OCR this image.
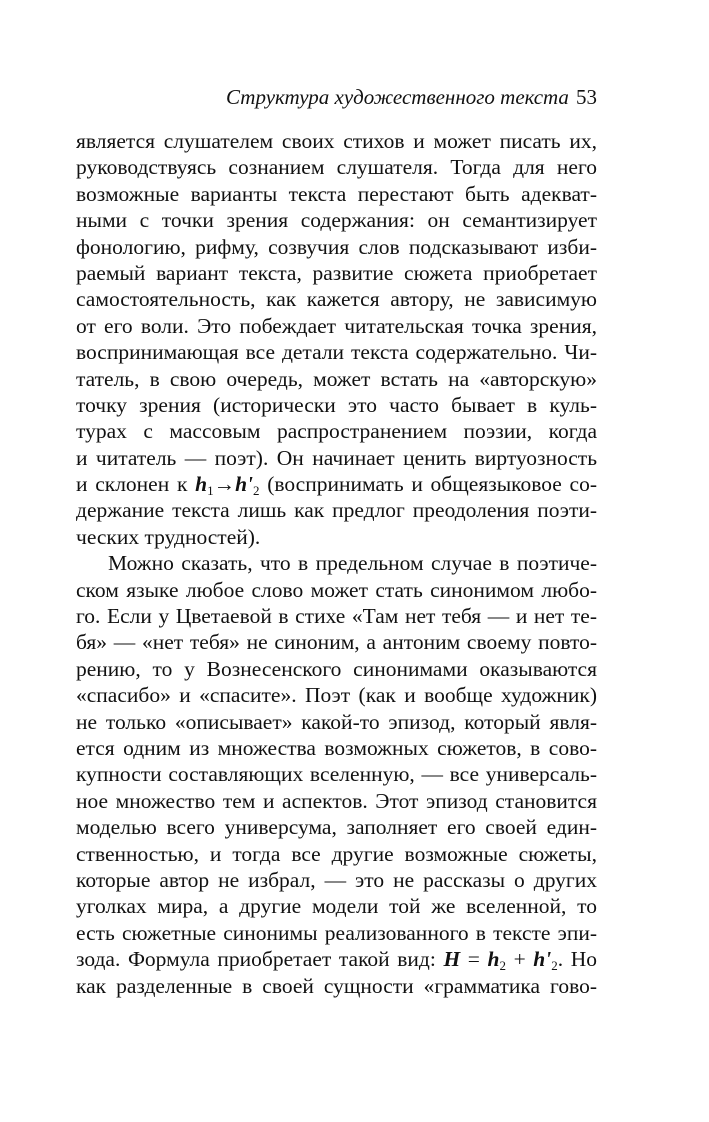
Структура художественного текста 53
является слушателем своих стихов и может писать их,
руководствуясь сознанием слушателя. Тогда для него
возможные варианты текста перестают быть адекват-
ными с точки зрения содержания: он семантизирует
фонологию, рифму, созвучия слов подсказывают изби-
раемый вариант текста, развитие сюжета приобретает
самостоятельность, как кажется автору, не зависимую
от его воли. Это побеждает читательская точка зрения,
воспринимающая все детали текста содержательно. Чи-
татель, в свою очередь, может встать на «авторскую»
точку зрения (исторически это часто бывает в куль-
турах с массовым распространением поэзии, когда
и читатель — поэт). Он начинает ценить виртуозность
и склонен к $h_1\to h'_2$ (воспринимать и общеязыковое со-
держание текста лишь как предлог преодоления поэти-
ческих трудностей).
Можно сказать, что в предельном случае в поэтиче-
ском языке любое слово может стать синонимом любо-
го. Если у Цветаевой в стихе «Там нет тебя — и нет те-
бя» — «нет тебя» не синоним, а антоним своему повто-
рению, то у Вознесенского синонимами оказываются
«спасибо» и «спасите». Поэт (как и вообще художник)
не только «описывает» какой-то эпизод, который явля-
ется одним из множества возможных сюжетов, в сово-
купности составляющих вселенную, — все универсаль-
ное множество тем и аспектов. Этот эпизод становится
моделью всего универсума, заполняет его своей един-
ственностью, и тогда все другие возможные сюжеты,
которые автор не избрал, — это не рассказы о других
уголках мира, а другие модели той же вселенной, то
есть сюжетные синонимы реализованного в тексте эпи-
зода. Формула приобретает такой вид: $H = h_2 + h'_2$. Но
как разделенные в своей сущности «грамматика гово-
